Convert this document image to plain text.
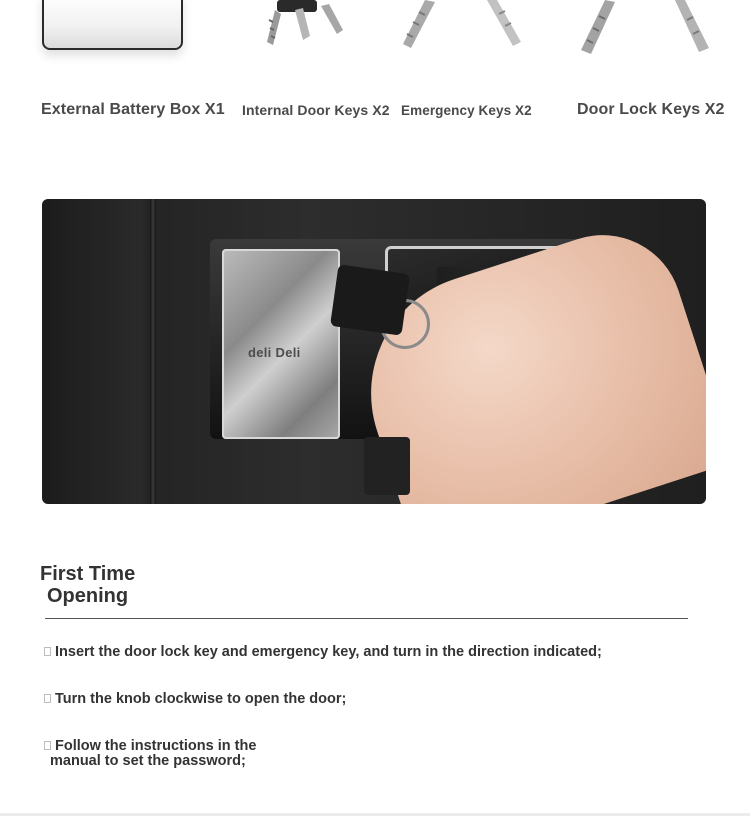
External Battery Box X1 Internal Door Keys X2 Emergency Keys X2	Door Lock Keys X2
deli Deli
First Time
Opening
Insert the door lock key and emergency key, and turn in the direction indicated;
Turn the knob clockwise to open the door;
Follow the instructions in the
manual to set the password;
